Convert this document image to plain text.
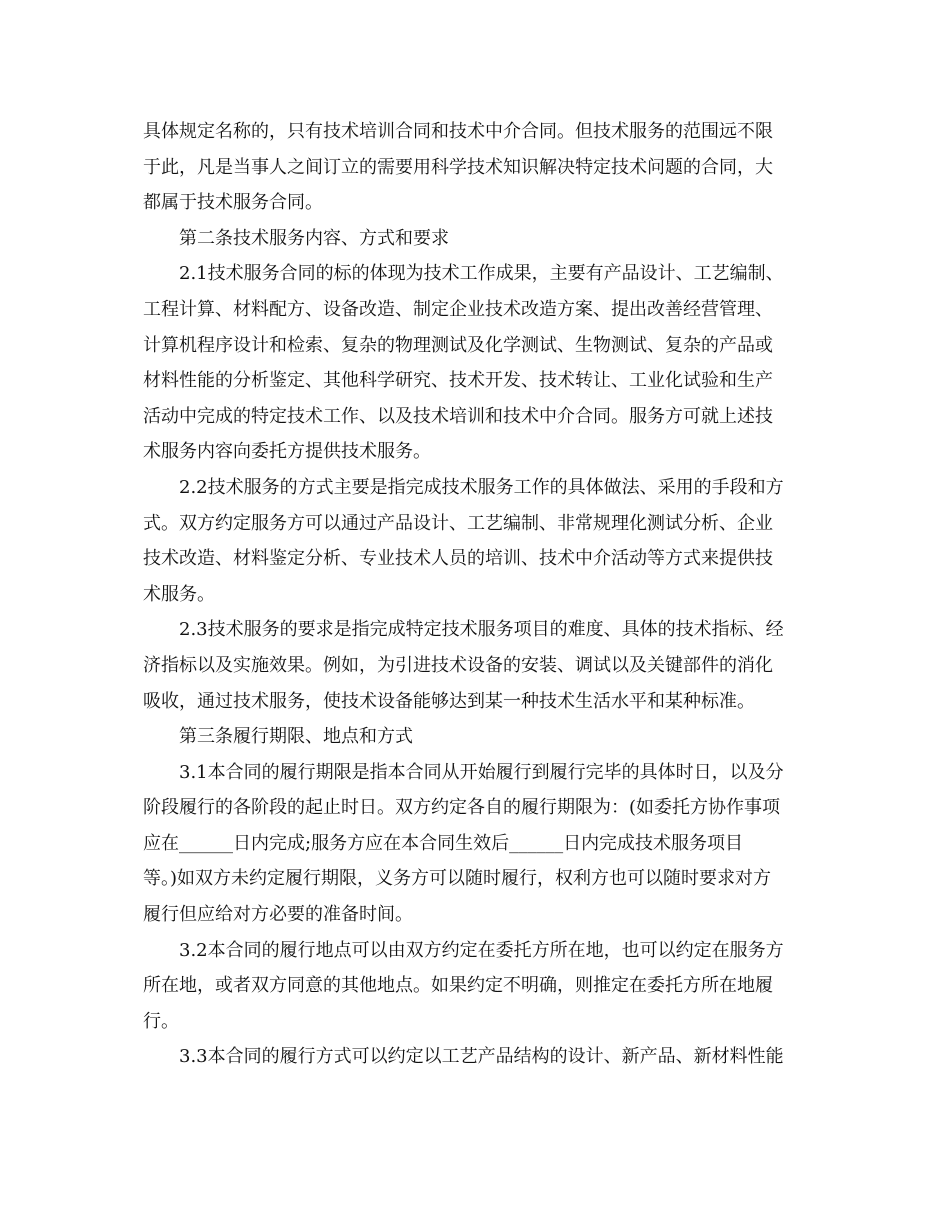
具体规定名称的，只有技术培训合同和技术中介合同。但技术服务的范围远不限
于此，凡是当事人之间订立的需要用科学技术知识解决特定技术问题的合同，大
都属于技术服务合同。
第二条技术服务内容、方式和要求
2.1技术服务合同的标的体现为技术工作成果，主要有产品设计、工艺编制、
工程计算、材料配方、设备改造、制定企业技术改造方案、提出改善经营管理、
计算机程序设计和检索、复杂的物理测试及化学测试、生物测试、复杂的产品或
材料性能的分析鉴定、其他科学研究、技术开发、技术转让、工业化试验和生产
活动中完成的特定技术工作、以及技术培训和技术中介合同。服务方可就上述技
术服务内容向委托方提供技术服务。
2.2技术服务的方式主要是指完成技术服务工作的具体做法、采用的手段和方
式。双方约定服务方可以通过产品设计、工艺编制、非常规理化测试分析、企业
技术改造、材料鉴定分析、专业技术人员的培训、技术中介活动等方式来提供技
术服务。
2.3技术服务的要求是指完成特定技术服务项目的难度、具体的技术指标、经
济指标以及实施效果。例如，为引进技术设备的安装、调试以及关键部件的消化
吸收，通过技术服务，使技术设备能够达到某一种技术生活水平和某种标准。
第三条履行期限、地点和方式
3.1本合同的履行期限是指本合同从开始履行到履行完毕的具体时日，以及分
阶段履行的各阶段的起止时日。双方约定各自的履行期限为：(如委托方协作事项
应在______日内完成;服务方应在本合同生效后______日内完成技术服务项目
等。)如双方未约定履行期限，义务方可以随时履行，权利方也可以随时要求对方
履行但应给对方必要的准备时间。
3.2本合同的履行地点可以由双方约定在委托方所在地，也可以约定在服务方
所在地，或者双方同意的其他地点。如果约定不明确，则推定在委托方所在地履
行。
3.3本合同的履行方式可以约定以工艺产品结构的设计、新产品、新材料性能
